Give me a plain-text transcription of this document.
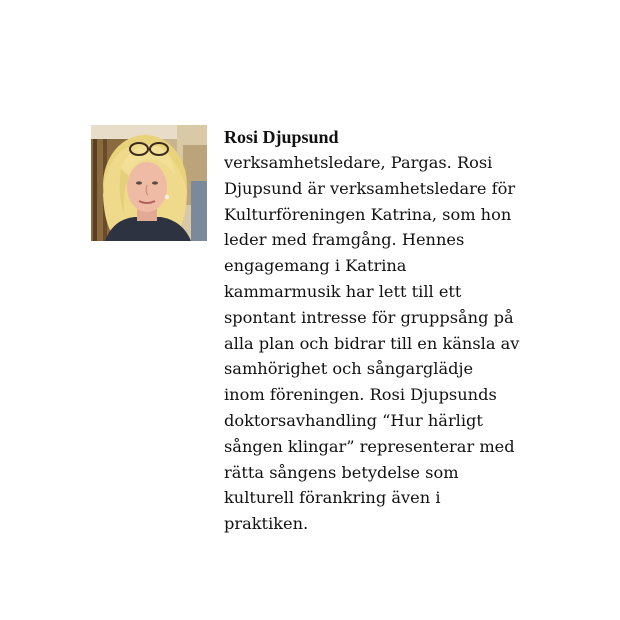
Rosi Djupsund

verksamhetsledare, Pargas. Rosi

Djupsund är verksamhetsledare för

Kulturföreningen Katrina, som hon

leder med framgång. Hennes

engagemang i Katrina

kammarmusik har lett till ett

spontant intresse för gruppsång på

alla plan och bidrar till en känsla av

samhörighet och sångarglädje

inom föreningen. Rosi Djupsunds

doktorsavhandling “Hur härligt

sången klingar” representerar med

rätta sångens betydelse som

kulturell förankring även i

praktiken.
